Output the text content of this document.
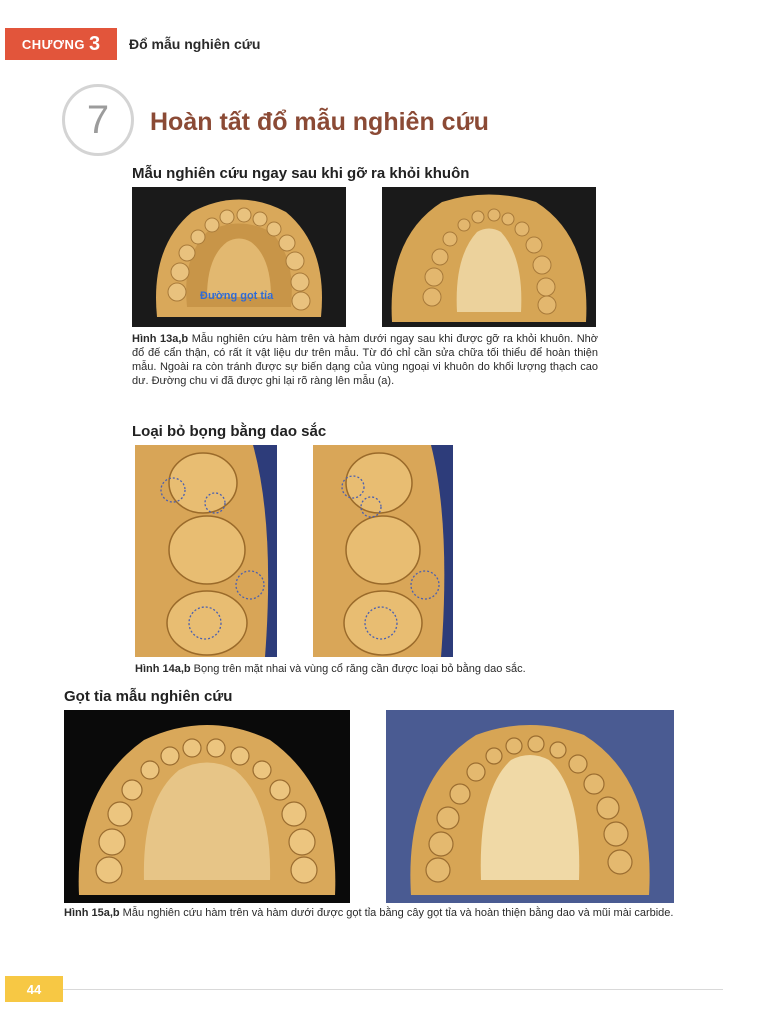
CHƯƠNG 3 Đổ mẫu nghiên cứu
7 Hoàn tất đổ mẫu nghiên cứu
Mẫu nghiên cứu ngay sau khi gỡ ra khỏi khuôn
Đường gọt tỉa
Hình 13a,b Mẫu nghiên cứu hàm trên và hàm dưới ngay sau khi được gỡ ra khỏi khuôn. Nhờ đổ đế cẩn thận, có rất ít vật liệu dư trên mẫu. Từ đó chỉ cần sửa chữa tối thiểu để hoàn thiện mẫu. Ngoài ra còn tránh được sự biến dạng của vùng ngoại vi khuôn do khối lượng thạch cao dư. Đường chu vi đã được ghi lại rõ ràng lên mẫu (a).
Loại bỏ bọng bằng dao sắc
Hình 14a,b Bọng trên mặt nhai và vùng cổ răng cần được loại bỏ bằng dao sắc.
Gọt tỉa mẫu nghiên cứu
Hình 15a,b Mẫu nghiên cứu hàm trên và hàm dưới được gọt tỉa bằng cây gọt tỉa và hoàn thiện bằng dao và mũi mài carbide.
44
